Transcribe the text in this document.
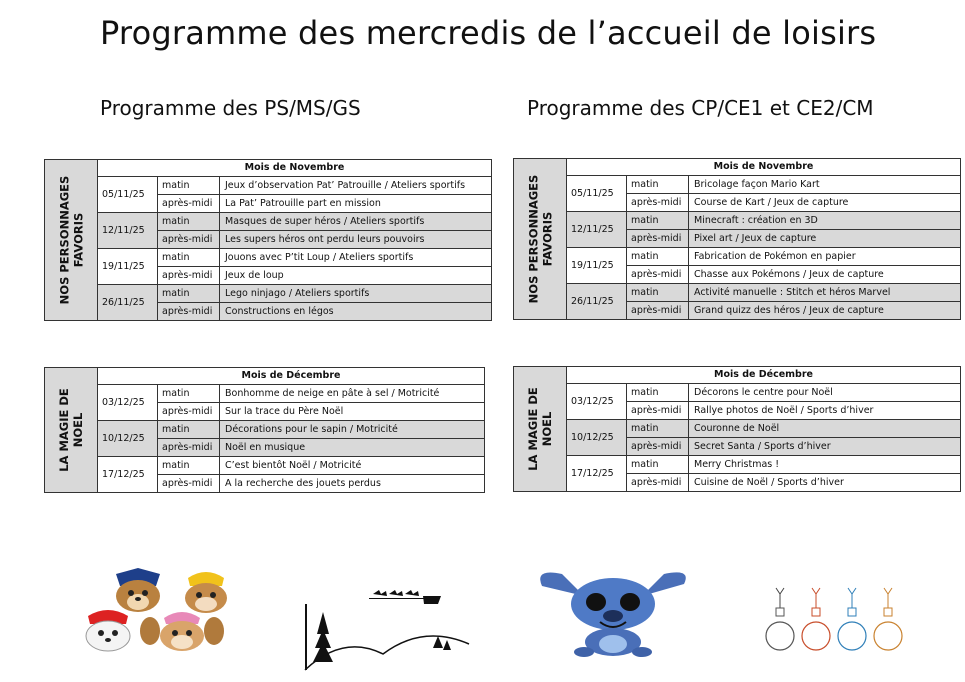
Programme des mercredis de l’accueil de loisirs
Programme des PS/MS/GS	Programme des CP/CE1 et CE2/CM
NOS PERSONNAGES FAVORIS
Mois de Novembre
05/11/25
matin	Jeux d’observation Pat’ Patrouille / Ateliers sportifs
après-midi	La Pat’ Patrouille part en mission
12/11/25
matin	Masques de super héros / Ateliers sportifs
après-midi	Les supers héros ont perdu leurs pouvoirs
19/11/25
matin	Jouons avec P’tit Loup / Ateliers sportifs
après-midi	Jeux de loup
26/11/25
matin	Lego ninjago / Ateliers sportifs
après-midi	Constructions en légos
NOS PERSONNAGES FAVORIS
Mois de Novembre
05/11/25
matin	Bricolage façon Mario Kart
après-midi	Course de Kart / Jeux de capture
12/11/25
matin	Minecraft : création en 3D
après-midi	Pixel art / Jeux de capture
19/11/25
matin	Fabrication de Pokémon en papier
après-midi	Chasse aux Pokémons / Jeux de capture
26/11/25
matin	Activité manuelle : Stitch et héros Marvel
après-midi	Grand quizz des héros / Jeux de capture
LA MAGIE DE NOEL
Mois de Décembre
03/12/25
matin	Bonhomme de neige en pâte à sel / Motricité
après-midi	Sur la trace du Père Noël
10/12/25
matin	Décorations pour le sapin / Motricité
après-midi	Noël en musique
17/12/25
matin	C’est bientôt Noël / Motricité
après-midi	A la recherche des jouets perdus
LA MAGIE DE NOEL
Mois de Décembre
03/12/25
matin	Décorons le centre pour Noël
après-midi	Rallye photos de Noël / Sports d’hiver
10/12/25
matin	Couronne de Noël
après-midi	Secret Santa / Sports d’hiver
17/12/25
matin	Merry Christmas !
après-midi	Cuisine de Noël / Sports d’hiver
